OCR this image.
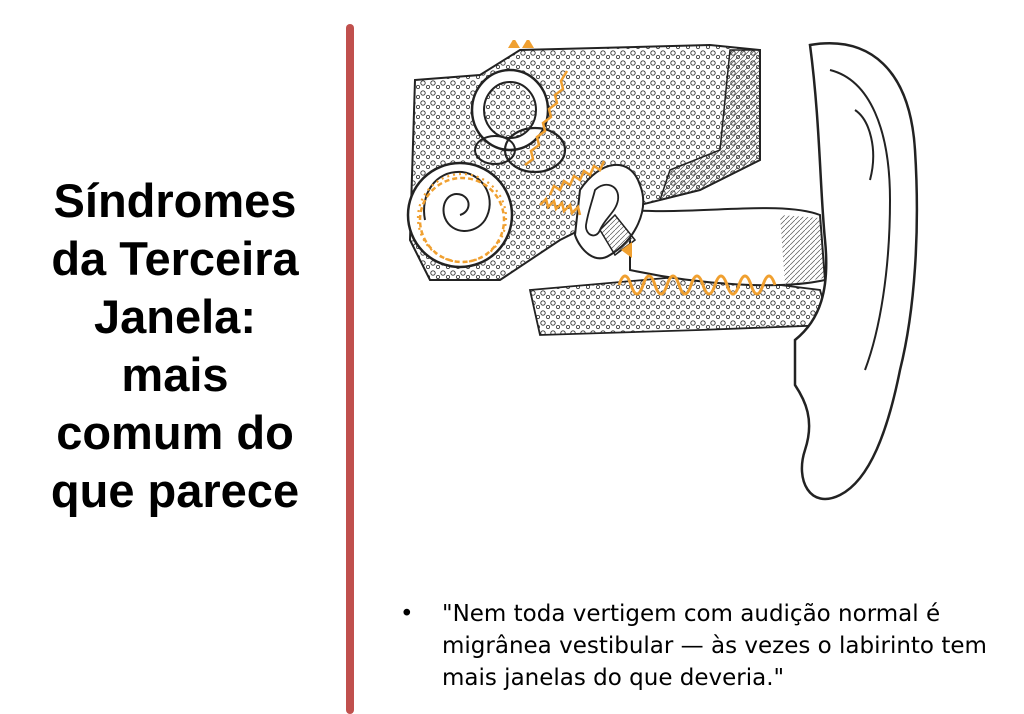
Síndromes
da Terceira
Janela:
mais
comum do
que parece
• "Nem toda vertigem com audição normal é migrânea vestibular — às vezes o labirinto tem mais janelas do que deveria."
